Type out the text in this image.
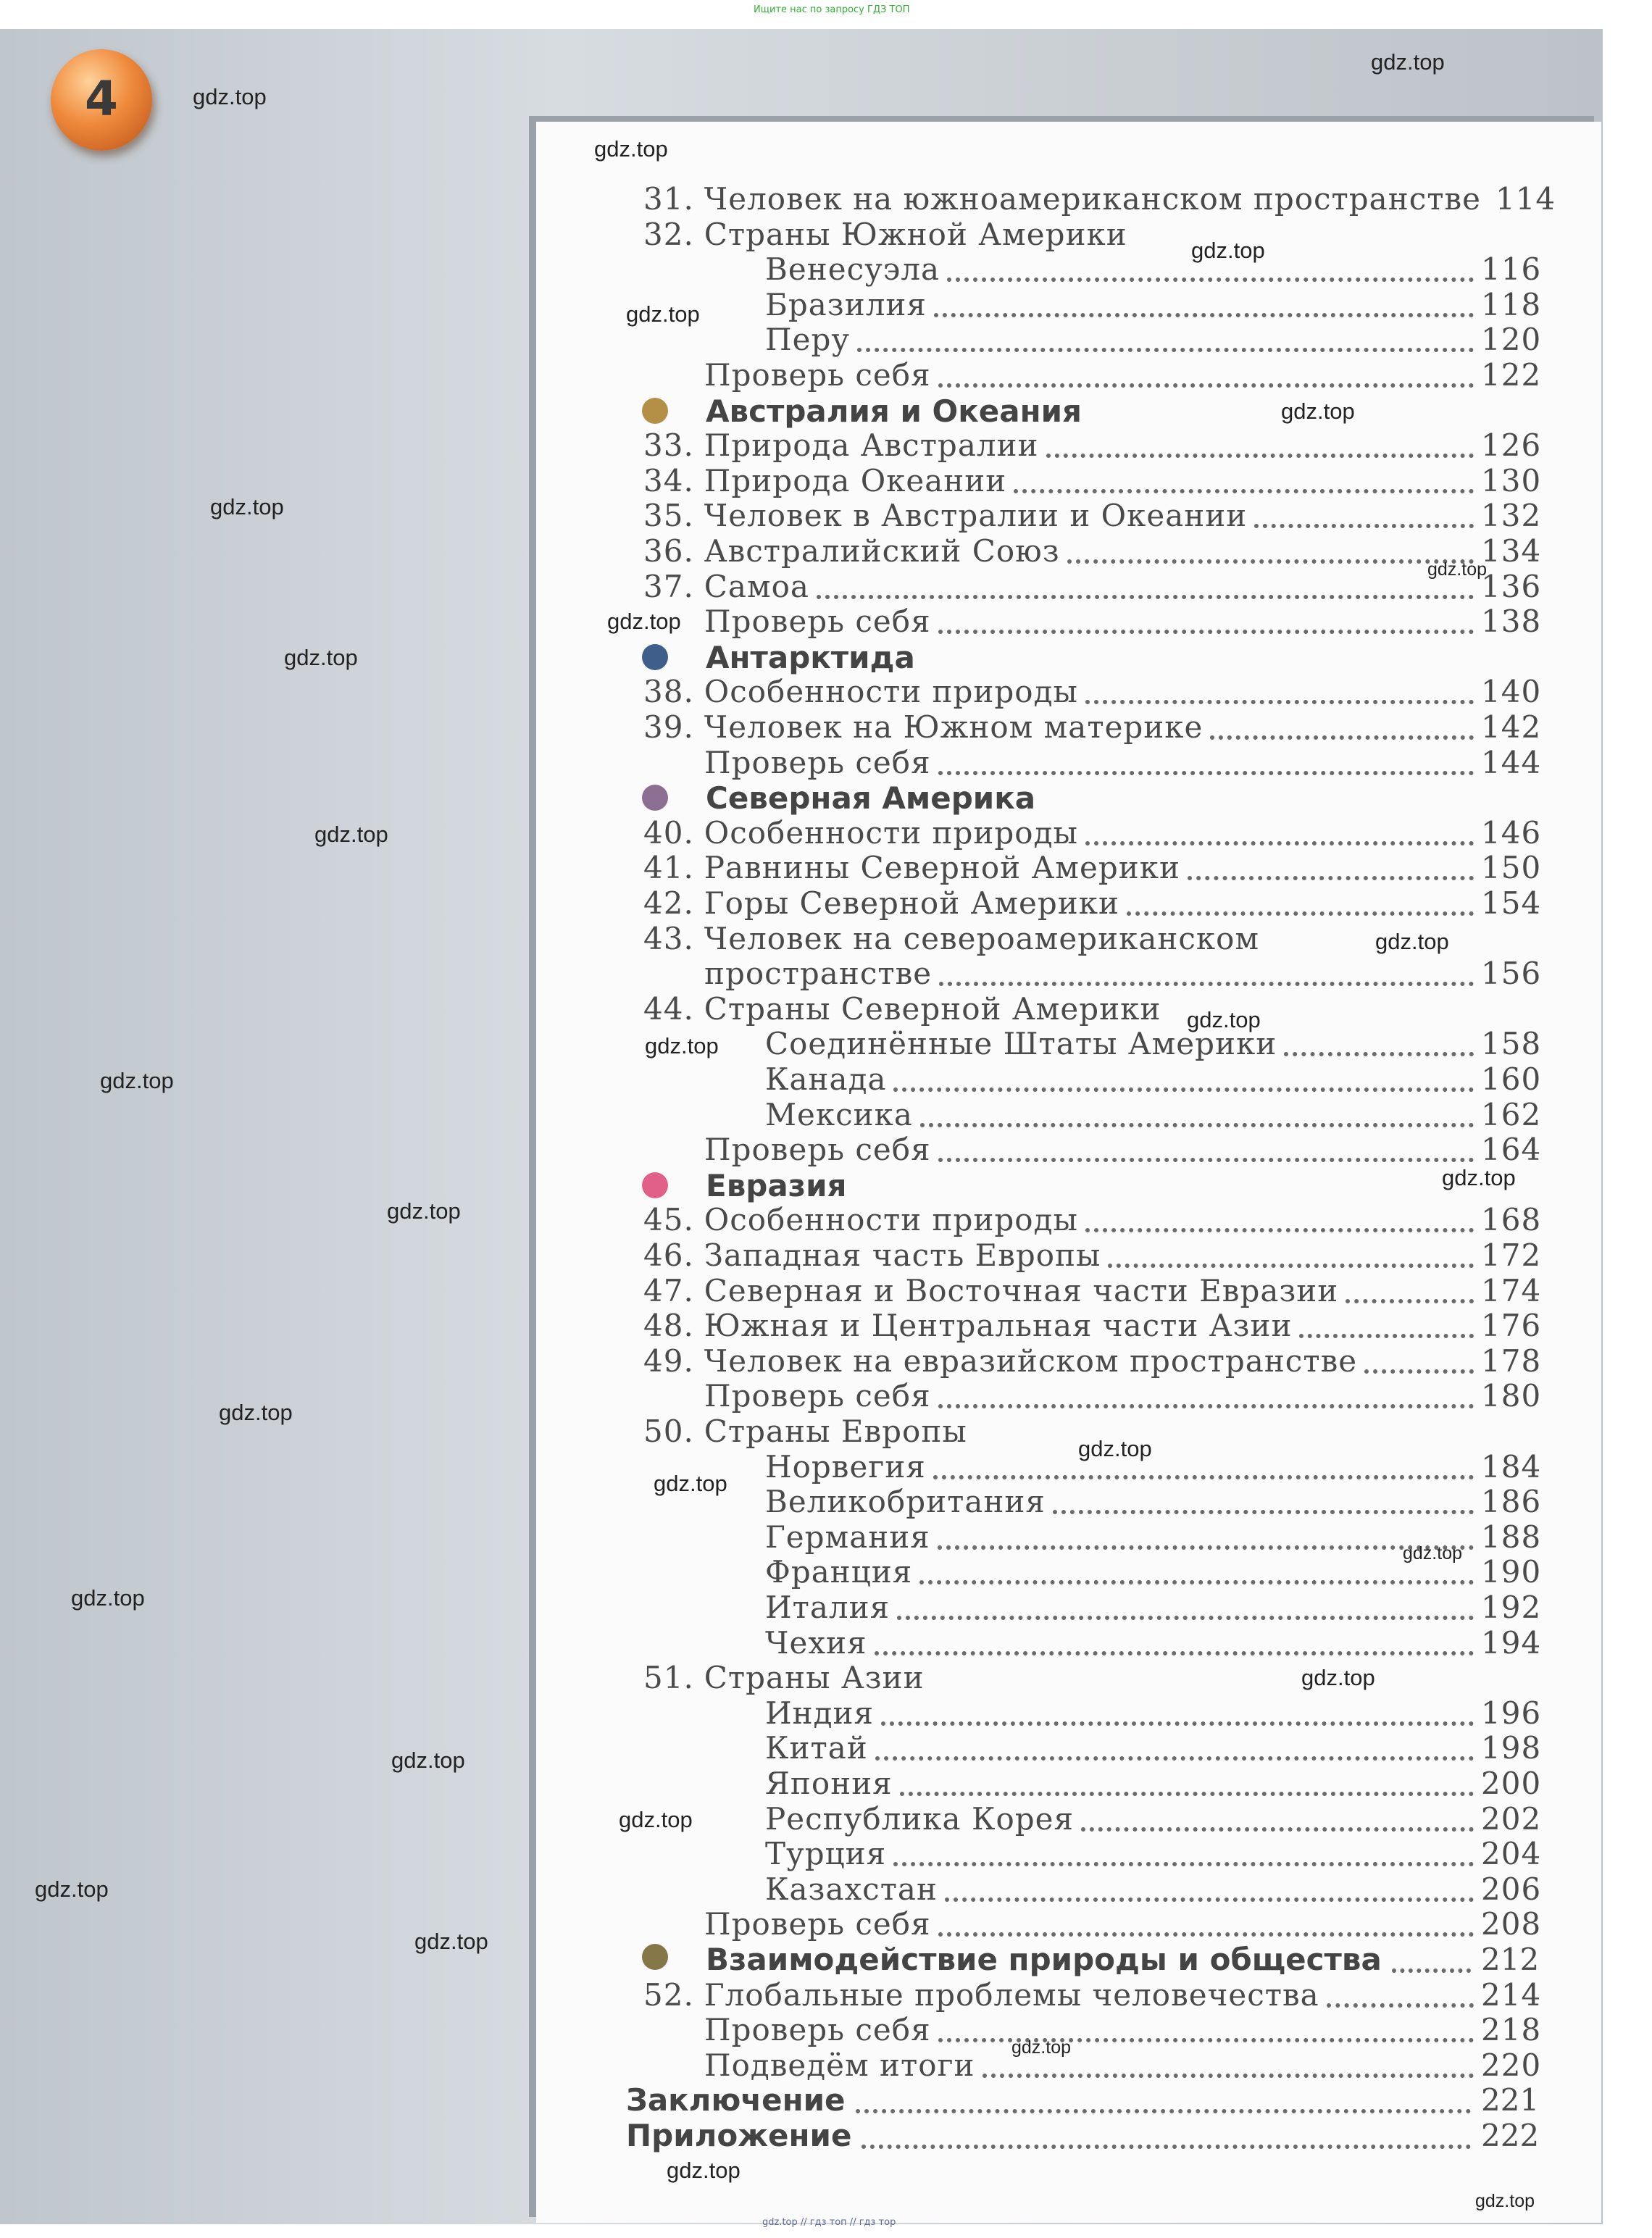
Ищите нас по запросу ГДЗ ТОП
4
31. Человек на южноамериканском пространстве 114
32. Страны Южной Америки
Венесуэла	116
Бразилия	118
Перу	120
Проверь себя	122
Австралия и Океания
33. Природа Австралии	126
34. Природа Океании	130
35. Человек в Австралии и Океании	132
36. Австралийский Союз	134
37. Самоа	136
Проверь себя	138
Антарктида
38. Особенности природы	140
39. Человек на Южном материке	142
Проверь себя	144
Северная Америка
40. Особенности природы	146
41. Равнины Северной Америки	150
42. Горы Северной Америки	154
43. Человек на североамериканском
пространстве	156
44. Страны Северной Америки
Соединённые Штаты Америки	158
Канада	160
Мексика	162
Проверь себя	164
Евразия
45. Особенности природы	168
46. Западная часть Европы	172
47. Северная и Восточная части Евразии	174
48. Южная и Центральная части Азии	176
49. Человек на евразийском пространстве	178
Проверь себя	180
50. Страны Европы
Норвегия	184
Великобритания	186
Германия	188
Франция	190
Италия	192
Чехия	194
51. Страны Азии
Индия	196
Китай	198
Япония	200
Республика Корея	202
Турция	204
Казахстан	206
Проверь себя	208
Взаимодействие природы и общества	212
52. Глобальные проблемы человечества	214
Проверь себя	218
Подведём итоги	220
Заключение	221
Приложение	222
gdz.top
gdz.top
gdz.top
gdz.top
gdz.top
gdz.top
gdz.top
gdz.top
gdz.top
gdz.top
gdz.top
gdz.top
gdz.top
gdz.top
gdz.top
gdz.top
gdz.top
gdz.top
gdz.top
gdz.top
gdz.top
gdz.top
gdz.top
gdz.top
gdz.top
gdz.top
gdz.top
gdz.top
gdz.top
gdz.top
gdz.top // гдз топ // гдз тор
